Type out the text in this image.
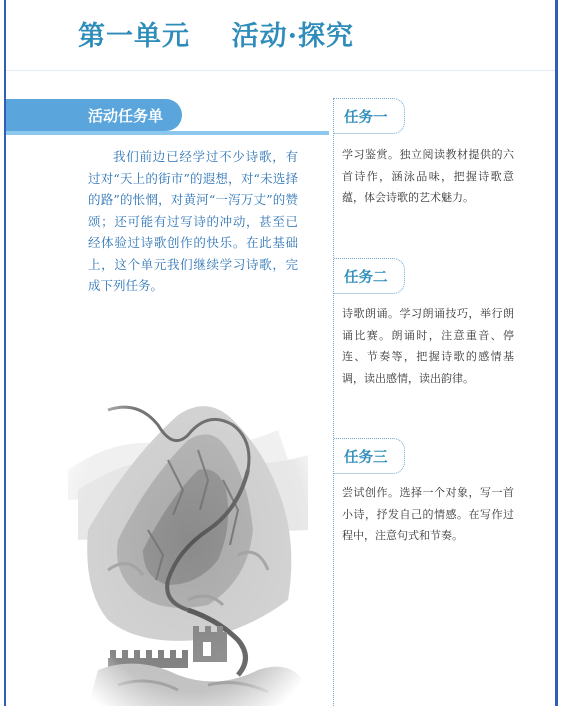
第一单元    活动·探究
活动任务单

我们前边已经学过不少诗歌，有过对“天上的街市”的遐想，对“未选择的路”的怅惘，对黄河“一泻万丈”的赞颂；还可能有过写诗的冲动，甚至已经体验过诗歌创作的快乐。在此基础上，这个单元我们继续学习诗歌，完成下列任务。

任务一

学习鉴赏。独立阅读教材提供的六首诗作，涵泳品味，把握诗歌意蕴，体会诗歌的艺术魅力。

任务二

诗歌朗诵。学习朗诵技巧，举行朗诵比赛。朗诵时，注意重音、停连、节奏等，把握诗歌的感情基调，读出感情，读出韵律。

任务三

尝试创作。选择一个对象，写一首小诗，抒发自己的情感。在写作过程中，注意句式和节奏。
